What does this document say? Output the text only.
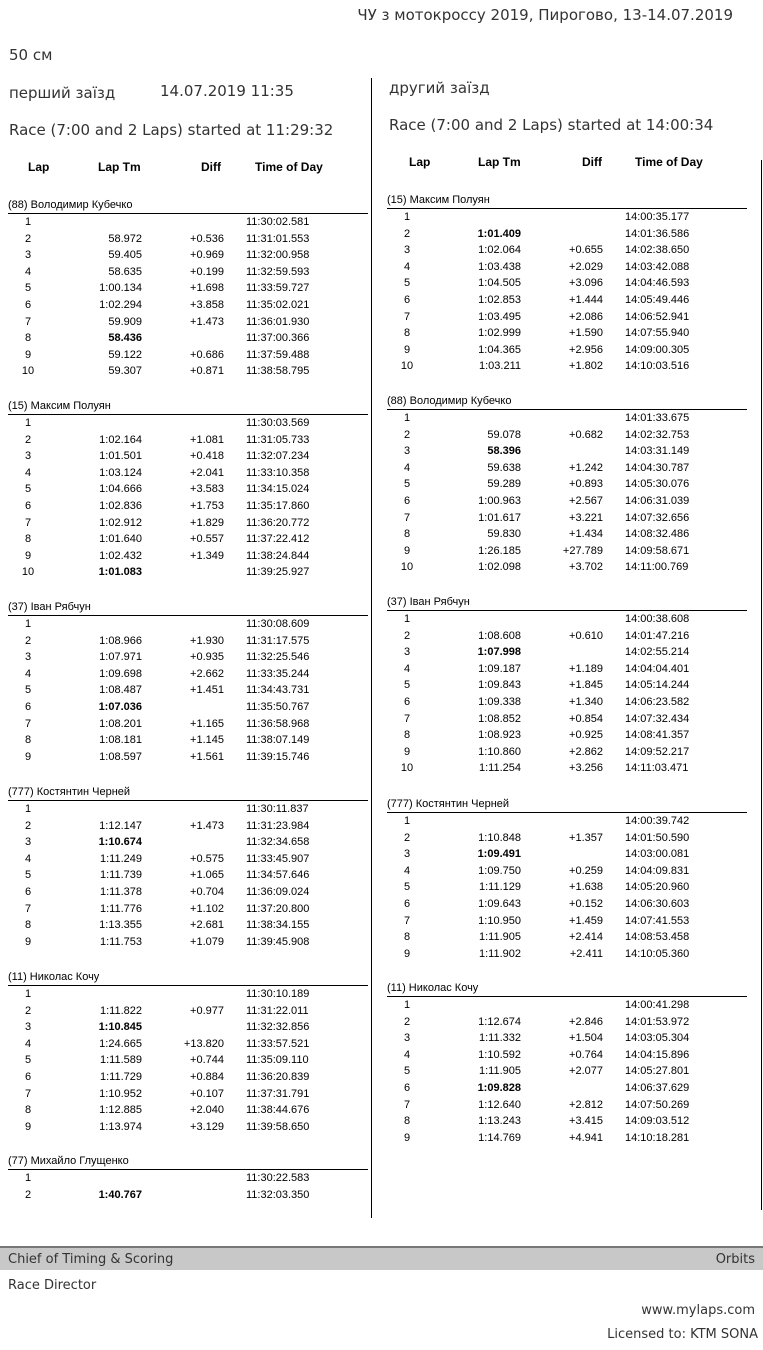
ЧУ з мотокроссу 2019, Пирогово, 13-14.07.2019
50 см
перший заїзд	14.07.2019 11:35
Race (7:00 and 2 Laps) started at 11:29:32
Lap	Lap Tm	Diff	Time of Day
(88) Володимир Кубечко
1	11:30:02.581
2	58.972	+0.536 11:31:01.553
3	59.405	+0.969 11:32:00.958
4	58.635	+0.199 11:32:59.593
5	1:00.134	+1.698 11:33:59.727
6	1:02.294	+3.858 11:35:02.021
7	59.909	+1.473 11:36:01.930
8	58.436	11:37:00.366
9	59.122	+0.686 11:37:59.488
10	59.307	+0.871 11:38:58.795
(15) Максим Полуян
1	11:30:03.569
2	1:02.164	+1.081 11:31:05.733
3	1:01.501	+0.418 11:32:07.234
4	1:03.124	+2.041 11:33:10.358
5	1:04.666	+3.583 11:34:15.024
6	1:02.836	+1.753 11:35:17.860
7	1:02.912	+1.829 11:36:20.772
8	1:01.640	+0.557 11:37:22.412
9	1:02.432	+1.349 11:38:24.844
10	1:01.083	11:39:25.927
(37) Іван Рябчун
1	11:30:08.609
2	1:08.966	+1.930 11:31:17.575
3	1:07.971	+0.935 11:32:25.546
4	1:09.698	+2.662 11:33:35.244
5	1:08.487	+1.451 11:34:43.731
6	1:07.036	11:35:50.767
7	1:08.201	+1.165 11:36:58.968
8	1:08.181	+1.145 11:38:07.149
9	1:08.597	+1.561 11:39:15.746
(777) Костянтин Черней
1	11:30:11.837
2	1:12.147	+1.473 11:31:23.984
3	1:10.674	11:32:34.658
4	1:11.249	+0.575 11:33:45.907
5	1:11.739	+1.065 11:34:57.646
6	1:11.378	+0.704 11:36:09.024
7	1:11.776	+1.102 11:37:20.800
8	1:13.355	+2.681 11:38:34.155
9	1:11.753	+1.079 11:39:45.908
(11) Николас Кочу
1	11:30:10.189
2	1:11.822	+0.977 11:31:22.011
3	1:10.845	11:32:32.856
4	1:24.665	+13.820 11:33:57.521
5	1:11.589	+0.744 11:35:09.110
6	1:11.729	+0.884 11:36:20.839
7	1:10.952	+0.107 11:37:31.791
8	1:12.885	+2.040 11:38:44.676
9	1:13.974	+3.129 11:39:58.650
(77) Михайло Глущенко
1	11:30:22.583
2	1:40.767	11:32:03.350
другий заїзд
Race (7:00 and 2 Laps) started at 14:00:34
Lap	Lap Tm	Diff	Time of Day
(15) Максим Полуян
1	14:00:35.177
2	1:01.409	14:01:36.586
3	1:02.064	+0.655 14:02:38.650
4	1:03.438	+2.029 14:03:42.088
5	1:04.505	+3.096 14:04:46.593
6	1:02.853	+1.444 14:05:49.446
7	1:03.495	+2.086 14:06:52.941
8	1:02.999	+1.590 14:07:55.940
9	1:04.365	+2.956 14:09:00.305
10	1:03.211	+1.802 14:10:03.516
(88) Володимир Кубечко
1	14:01:33.675
2	59.078	+0.682 14:02:32.753
3	58.396	14:03:31.149
4	59.638	+1.242 14:04:30.787
5	59.289	+0.893 14:05:30.076
6	1:00.963	+2.567 14:06:31.039
7	1:01.617	+3.221 14:07:32.656
8	59.830	+1.434 14:08:32.486
9	1:26.185	+27.789 14:09:58.671
10	1:02.098	+3.702 14:11:00.769
(37) Іван Рябчун
1	14:00:38.608
2	1:08.608	+0.610 14:01:47.216
3	1:07.998	14:02:55.214
4	1:09.187	+1.189 14:04:04.401
5	1:09.843	+1.845 14:05:14.244
6	1:09.338	+1.340 14:06:23.582
7	1:08.852	+0.854 14:07:32.434
8	1:08.923	+0.925 14:08:41.357
9	1:10.860	+2.862 14:09:52.217
10	1:11.254	+3.256 14:11:03.471
(777) Костянтин Черней
1	14:00:39.742
2	1:10.848	+1.357 14:01:50.590
3	1:09.491	14:03:00.081
4	1:09.750	+0.259 14:04:09.831
5	1:11.129	+1.638 14:05:20.960
6	1:09.643	+0.152 14:06:30.603
7	1:10.950	+1.459 14:07:41.553
8	1:11.905	+2.414 14:08:53.458
9	1:11.902	+2.411 14:10:05.360
(11) Николас Кочу
1	14:00:41.298
2	1:12.674	+2.846 14:01:53.972
3	1:11.332	+1.504 14:03:05.304
4	1:10.592	+0.764 14:04:15.896
5	1:11.905	+2.077 14:05:27.801
6	1:09.828	14:06:37.629
7	1:12.640	+2.812 14:07:50.269
8	1:13.243	+3.415 14:09:03.512
9	1:14.769	+4.941 14:10:18.281
Chief of Timing & Scoring	Orbits
Race Director
www.mylaps.com
Licensed to: KTM SONA
